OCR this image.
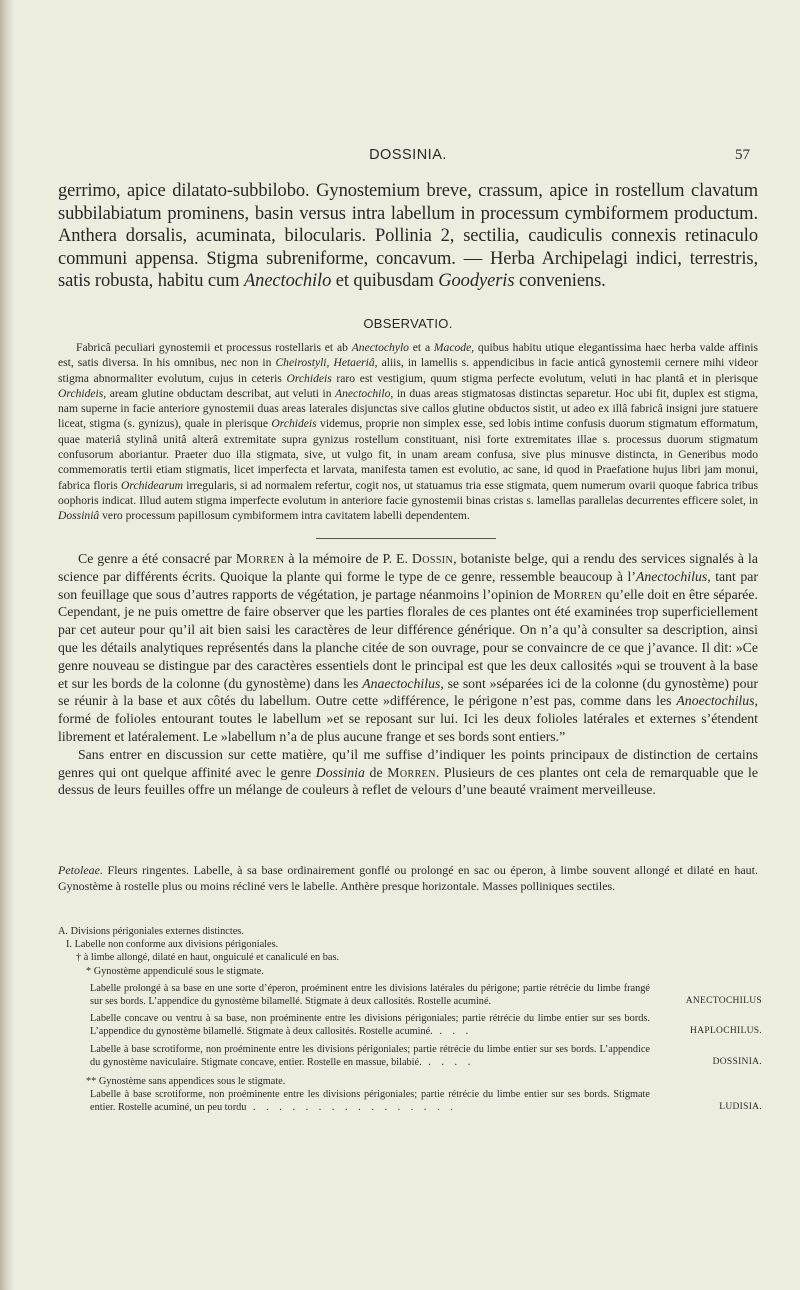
DOSSINIA.	57
gerrimo, apice dilatato-subbilobo. Gynostemium breve, crassum, apice in rostellum clavatum subbilabiatum prominens, basin versus intra labellum in processum cymbiformem productum. Anthera dorsalis, acuminata, bilocularis. Pollinia 2, sectilia, caudiculis connexis retinaculo communi appensa. Stigma subreniforme, concavum. — Herba Archipelagi indici, terrestris, satis robusta, habitu cum Anectochilo et quibusdam Goodyeris conveniens.
OBSERVATIO.

Fabricâ peculiari gynostemii et processus rostellaris et ab Anectochylo et a Macode, quibus habitu utique elegantissima haec herba valde affinis est, satis diversa. In his omnibus, nec non in Cheirostyli, Hetaeriâ, aliis, in lamellis s. appendicibus in facie anticâ gynostemii cernere mihi videor stigma abnormaliter evolutum, cujus in ceteris Orchideis raro est vestigium, quum stigma perfecte evolutum, veluti in hac plantâ et in plerisque Orchideis, aream glutine obductam describat, aut veluti in Anectochilo, in duas areas stigmatosas distinctas separetur. Hoc ubi fit, duplex est stigma, nam superne in facie anteriore gynostemii duas areas laterales disjunctas sive callos glutine obductos sistit, ut adeo ex illâ fabricâ insigni jure statuere liceat, stigma (s. gynizus), quale in plerisque Orchideis videmus, proprie non simplex esse, sed lobis intime confusis duorum stigmatum efformatum, quae materiâ stylinâ unitâ alterâ extremitate supra gynizus rostellum constituant, nisi forte extremitates illae s. processus duorum stigmatum confusorum aboriantur. Praeter duo illa stigmata, sive, ut vulgo fit, in unam aream confusa, sive plus minusve distincta, in Generibus modo commemoratis tertii etiam stigmatis, licet imperfecta et larvata, manifesta tamen est evolutio, ac sane, id quod in Praefatione hujus libri jam monui, fabrica floris Orchidearum irregularis, si ad normalem refertur, cogit nos, ut statuamus tria esse stigmata, quem numerum ovarii quoque fabrica tribus oophoris indicat. Illud autem stigma imperfecte evolutum in anteriore facie gynostemii binas cristas s. lamellas parallelas decurrentes efficere solet, in Dossiniâ vero processum papillosum cymbiformem intra cavitatem labelli dependentem.

Ce genre a été consacré par Morren à la mémoire de P. E. Dossin, botaniste belge, qui a rendu des services signalés à la science par différents écrits. Quoique la plante qui forme le type de ce genre, ressemble beaucoup à l’Anectochilus, tant par son feuillage que sous d’autres rapports de végétation, je partage néanmoins l’opinion de Morren qu’elle doit en être séparée. Cependant, je ne puis omettre de faire observer que les parties florales de ces plantes ont été examinées trop superficiellement par cet auteur pour qu’il ait bien saisi les caractères de leur différence générique. On n’a qu’à consulter sa description, ainsi que les détails analytiques représentés dans la planche citée de son ouvrage, pour se convaincre de ce que j’avance. Il dit: »Ce genre nouveau se distingue par des caractères essentiels dont le principal est que les deux callosités »qui se trouvent à la base et sur les bords de la colonne (du gynostème) dans les Anaectochilus, se sont »séparées ici de la colonne (du gynostème) pour se réunir à la base et aux côtés du labellum. Outre cette »différence, le périgone n’est pas, comme dans les Anoectochilus, formé de folioles entourant toutes le labellum »et se reposant sur lui. Ici les deux folioles latérales et externes s’étendent librement et latéralement. Le »labellum n’a de plus aucune frange et ses bords sont entiers.”

Sans entrer en discussion sur cette matière, qu’il me suffise d’indiquer les points principaux de distinction de certains genres qui ont quelque affinité avec le genre Dossinia de Morren. Plusieurs de ces plantes ont cela de remarquable que le dessus de leurs feuilles offre un mélange de couleurs à reflet de velours d’une beauté vraiment merveilleuse.

Petoleae. Fleurs ringentes. Labelle, à sa base ordinairement gonflé ou prolongé en sac ou éperon, à limbe souvent allongé et dilaté en haut. Gynostème à rostelle plus ou moins récliné vers le labelle. Anthère presque horizontale. Masses polliniques sectiles.

A. Divisions périgoniales externes distinctes.

I. Labelle non conforme aux divisions périgoniales.

† à limbe allongé, dilaté en haut, onguiculé et canaliculé en bas.

* Gynostème appendiculé sous le stigmate.

Labelle prolongé à sa base en une sorte d’éperon, proéminent entre les divisions latérales du périgone; partie rétrécie du limbe frangé sur ses bords. L’appendice du gynostème bilamellé. Stigmate à deux callosités. Rostelle acuminé.	ANECTOCHILUS
Labelle concave ou ventru à sa base, non proéminente entre les divisions périgoniales; partie rétrécie du limbe entier sur ses bords. L’appendice du gynostème bilamellé. Stigmate à deux callosités. Rostelle acuminé. . . .	HAPLOCHILUS.
Labelle à base scrotiforme, non proéminente entre les divisions périgoniales; partie rétrécie du limbe entier sur ses bords. L’appendice du gynostème naviculaire. Stigmate concave, entier. Rostelle en massue, bilabié. . . . .	DOSSINIA.

** Gynostème sans appendices sous le stigmate.

Labelle à base scrotiforme, non proéminente entre les divisions périgoniales; partie rétrécie du limbe entier sur ses bords. Stigmate entier. Rostelle acuminé, un peu tordu . . . . . . . . . . . . . . . .	LUDISIA.
